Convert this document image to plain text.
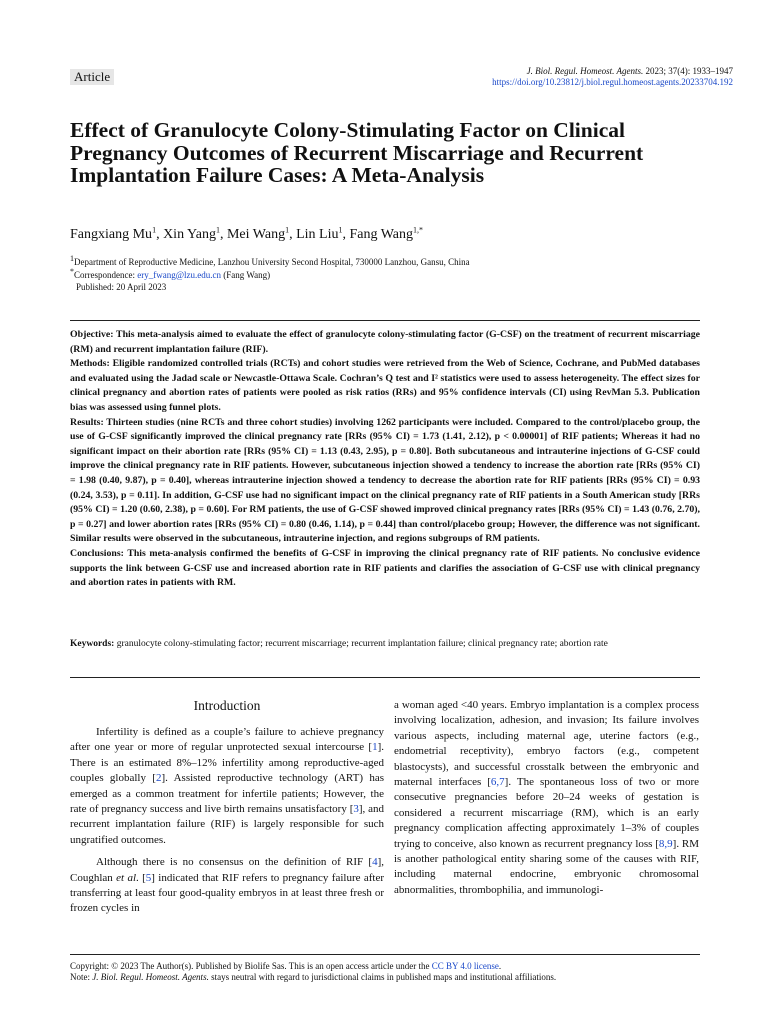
Article	J. Biol. Regul. Homeost. Agents. 2023; 37(4): 1933–1947
https://doi.org/10.23812/j.biol.regul.homeost.agents.20233704.192
Effect of Granulocyte Colony-Stimulating Factor on Clinical Pregnancy Outcomes of Recurrent Miscarriage and Recurrent Implantation Failure Cases: A Meta-Analysis
Fangxiang Mu$^1$, Xin Yang$^1$, Mei Wang$^1$, Lin Liu$^1$, Fang Wang$^{1,*}$
$^1$Department of Reproductive Medicine, Lanzhou University Second Hospital, 730000 Lanzhou, Gansu, China
*Correspondence: ery_fwang@lzu.edu.cn (Fang Wang)
Published: 20 April 2023

Objective: This meta-analysis aimed to evaluate the effect of granulocyte colony-stimulating factor (G-CSF) on the treatment of recurrent miscarriage (RM) and recurrent implantation failure (RIF).

Methods: Eligible randomized controlled trials (RCTs) and cohort studies were retrieved from the Web of Science, Cochrane, and PubMed databases and evaluated using the Jadad scale or Newcastle-Ottawa Scale. Cochran’s Q test and I² statistics were used to assess heterogeneity. The effect sizes for clinical pregnancy and abortion rates of patients were pooled as risk ratios (RRs) and 95% confidence intervals (CI) using RevMan 5.3. Publication bias was assessed using funnel plots.

Results: Thirteen studies (nine RCTs and three cohort studies) involving 1262 participants were included. Compared to the control/placebo group, the use of G-CSF significantly improved the clinical pregnancy rate [RRs (95% CI) = 1.73 (1.41, 2.12), p < 0.00001] of RIF patients; Whereas it had no significant impact on their abortion rate [RRs (95% CI) = 1.13 (0.43, 2.95), p = 0.80]. Both subcutaneous and intrauterine injections of G-CSF could improve the clinical pregnancy rate in RIF patients. However, subcutaneous injection showed a tendency to increase the abortion rate [RRs (95% CI) = 1.98 (0.40, 9.87), p = 0.40], whereas intrauterine injection showed a tendency to decrease the abortion rate for RIF patients [RRs (95% CI) = 0.93 (0.24, 3.53), p = 0.11]. In addition, G-CSF use had no significant impact on the clinical pregnancy rate of RIF patients in a South American study [RRs (95% CI) = 1.20 (0.60, 2.38), p = 0.60]. For RM patients, the use of G-CSF showed improved clinical pregnancy rates [RRs (95% CI) = 1.43 (0.76, 2.70), p = 0.27] and lower abortion rates [RRs (95% CI) = 0.80 (0.46, 1.14), p = 0.44] than control/placebo group; However, the difference was not significant. Similar results were observed in the subcutaneous, intrauterine injection, and regions subgroups of RM patients.

Conclusions: This meta-analysis confirmed the benefits of G-CSF in improving the clinical pregnancy rate of RIF patients. No conclusive evidence supports the link between G-CSF use and increased abortion rate in RIF patients and clarifies the association of G-CSF use with clinical pregnancy and abortion rates in patients with RM.

Keywords: granulocyte colony-stimulating factor; recurrent miscarriage; recurrent implantation failure; clinical pregnancy rate; abortion rate
Introduction

Infertility is defined as a couple’s failure to achieve pregnancy after one year or more of regular unprotected sexual intercourse [1]. There is an estimated 8%–12% infertility among reproductive-aged couples globally [2]. Assisted reproductive technology (ART) has emerged as a common treatment for infertile patients; However, the rate of pregnancy success and live birth remains unsatisfactory [3], and recurrent implantation failure (RIF) is largely responsible for such ungratified outcomes.

Although there is no consensus on the definition of RIF [4], Coughlan et al. [5] indicated that RIF refers to pregnancy failure after transferring at least four good-quality embryos in at least three fresh or frozen cycles in

a woman aged <40 years. Embryo implantation is a complex process involving localization, adhesion, and invasion; Its failure involves various aspects, including maternal age, uterine factors (e.g., endometrial receptivity), embryo factors (e.g., competent blastocysts), and successful crosstalk between the embryonic and maternal interfaces [6,7]. The spontaneous loss of two or more consecutive pregnancies before 20–24 weeks of gestation is considered a recurrent miscarriage (RM), which is an early pregnancy complication affecting approximately 1–3% of couples trying to conceive, also known as recurrent pregnancy loss [8,9]. RM is another pathological entity sharing some of the causes with RIF, including maternal endocrine, embryonic chromosomal abnormalities, thrombophilia, and immunologi-

Copyright: © 2023 The Author(s). Published by Biolife Sas. This is an open access article under the CC BY 4.0 license.
Note: J. Biol. Regul. Homeost. Agents. stays neutral with regard to jurisdictional claims in published maps and institutional affiliations.
